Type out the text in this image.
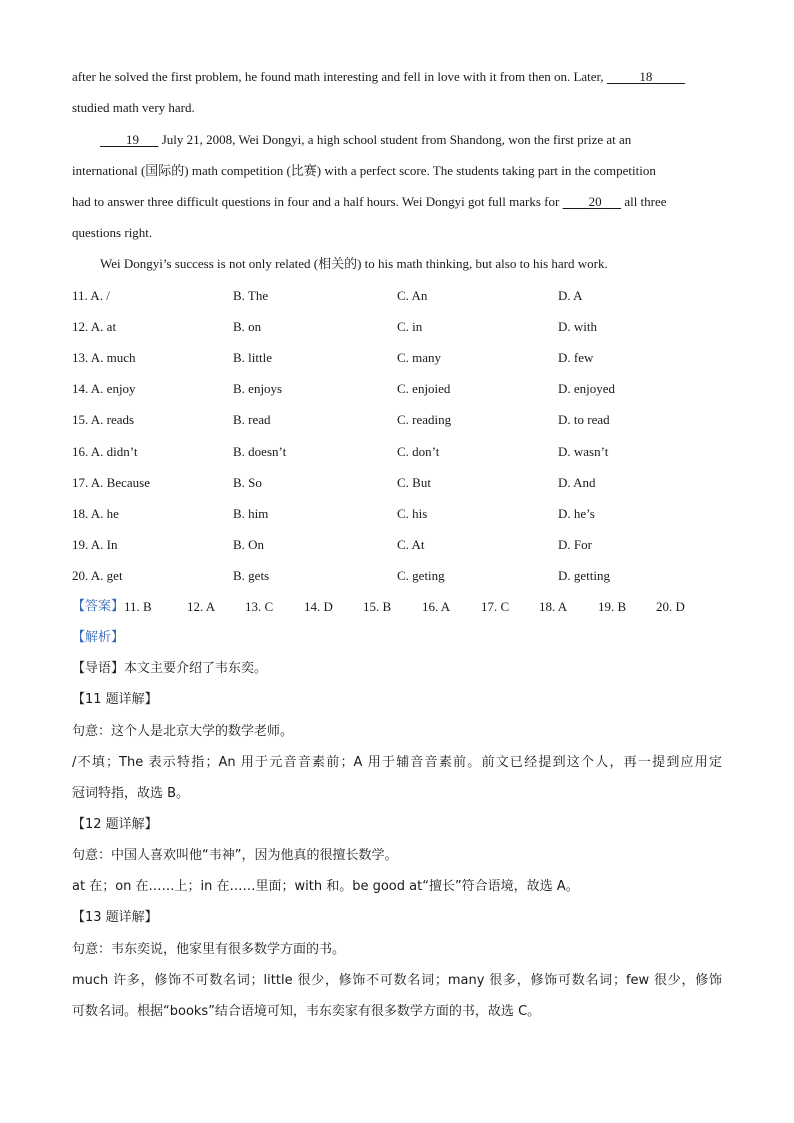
after he solved the first problem, he found math interesting and fell in love with it from then on. Later,      	18     
studied math very hard.
    19    July 21, 2008, Wei Dongyi, a high school student from Shandong, won the first prize at an
international (国际的) math competition (比赛) with a perfect score. The students taking part in the competition
had to answer three difficult questions in four and a half hours. Wei Dongyi got full marks for     20    all three
questions right.
Wei Dongyi’s success is not only related (相关的) to his math thinking, but also to his hard work.
11. A. /	B. The	C. An	D. A
12. A. at	B. on	C. in	D. with
13. A. much	B. little	C. many	D. few
14. A. enjoy	B. enjoys	C. enjoied	D. enjoyed
15. A. reads	B. read	C. reading	D. to read
16. A. didn’t	B. doesn’t	C. don’t	D. wasn’t
17. A. Because	B. So	C. But	D. And
18. A. he	B. him	C. his	D. he’s
19. A. In	B. On	C. At	D. For
20. A. get	B. gets	C. geting	D. getting
【答案】 11. B	12. A 13. C 14. D 15. B 16. A 17. C 18. A 19. B 20. D
【解析】
【导语】本文主要介绍了韦东奕。
【11 题详解】
句意：这个人是北京大学的数学老师。
/不填；The 表示特指；An 用于元音音素前；A 用于辅音音素前。前文已经提到这个人，再一提到应用定
冠词特指，故选 B。
【12 题详解】
句意：中国人喜欢叫他“韦神”，因为他真的很擅长数学。
at 在；on 在……上；in 在……里面；with 和。be good at“擅长”符合语境，故选 A。
【13 题详解】
句意：韦东奕说，他家里有很多数学方面的书。
much 许多，修饰不可数名词；little 很少，修饰不可数名词；many 很多，修饰可数名词；few 很少，修饰
可数名词。根据“books”结合语境可知，韦东奕家有很多数学方面的书，故选 C。
